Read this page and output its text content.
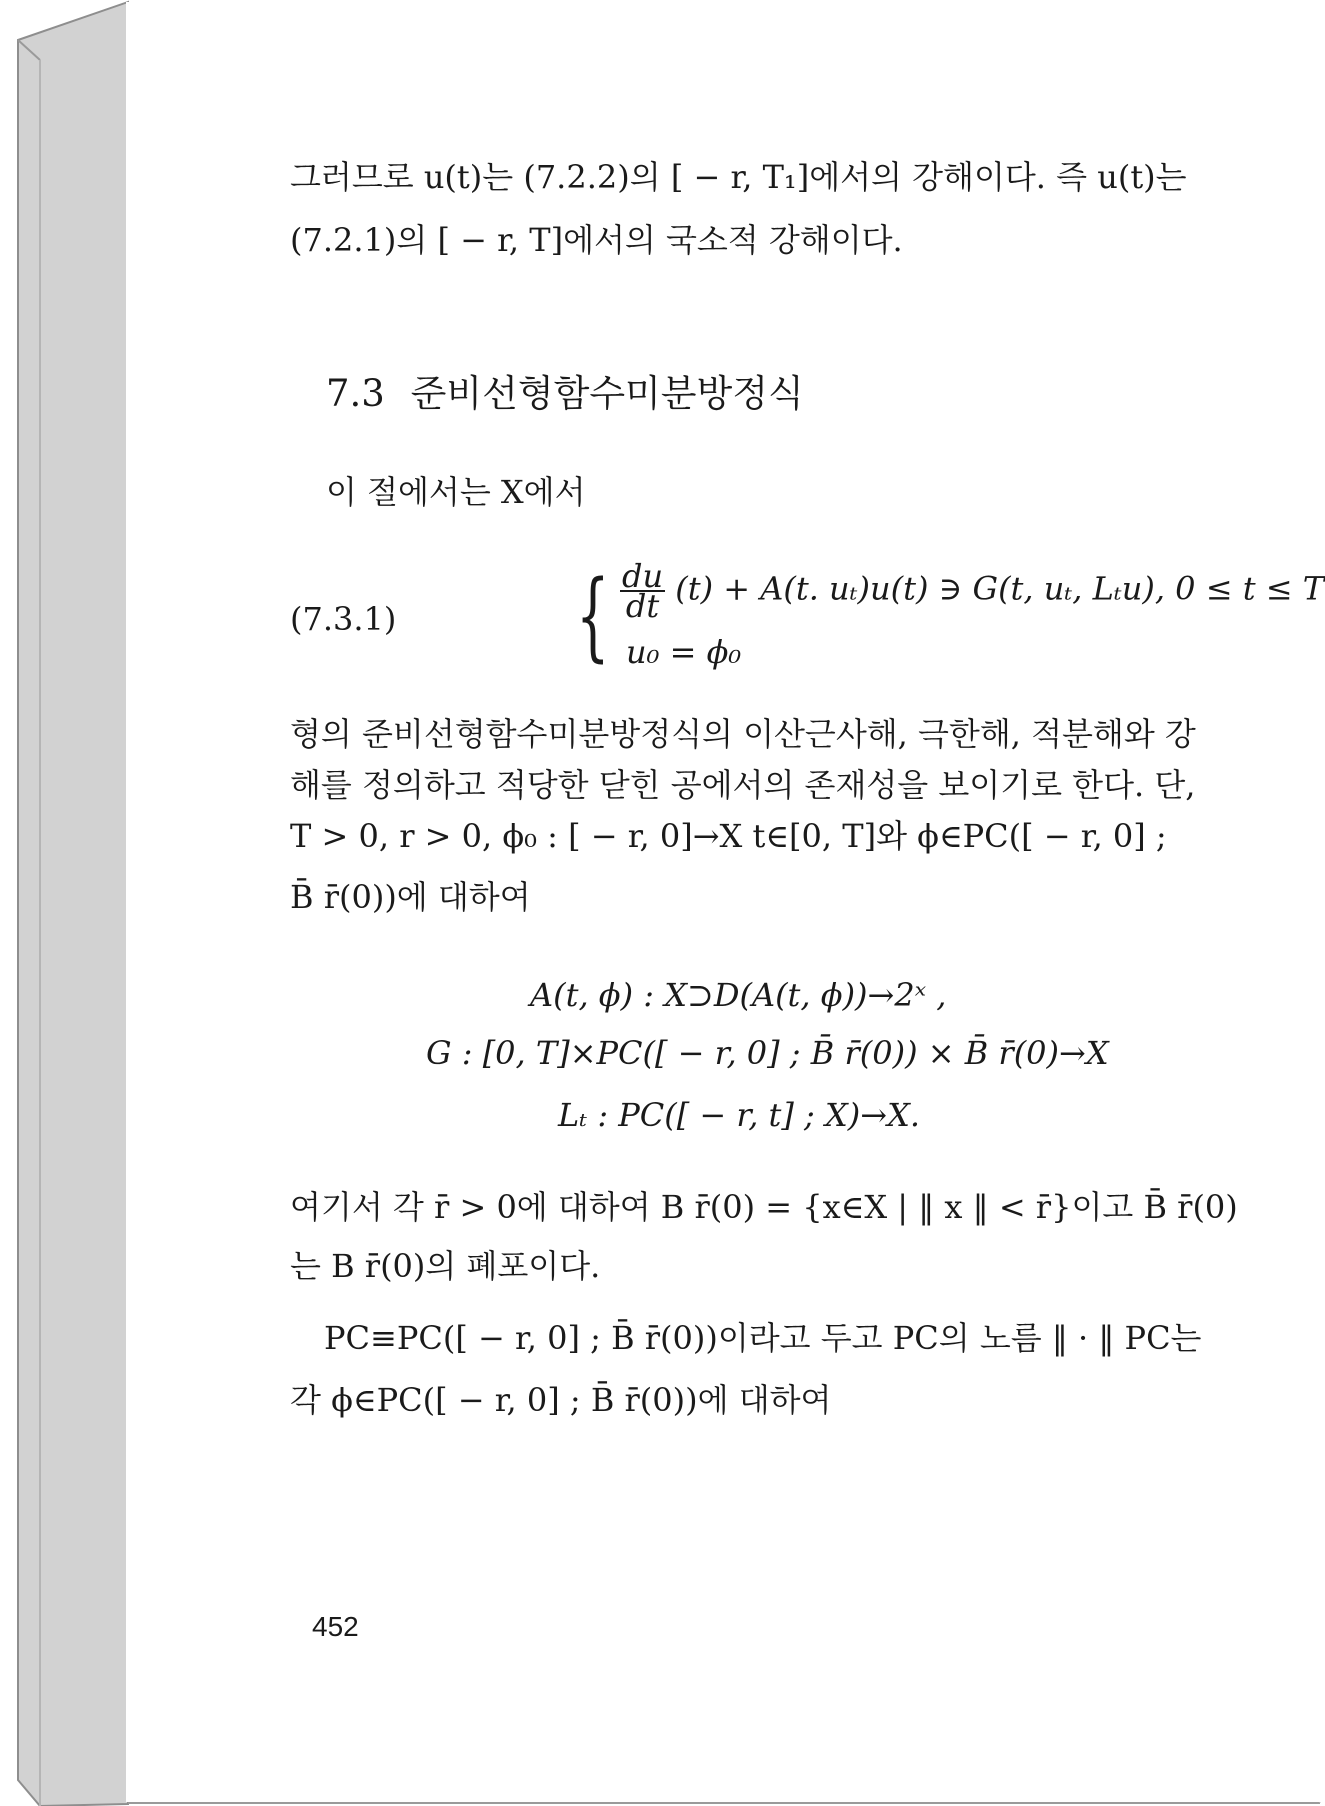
그러므로 u(t)는 (7.2.2)의 [ − r, T₁]에서의 강해이다. 즉 u(t)는
(7.2.1)의 [ − r, T]에서의 국소적 강해이다.
7.3 준비선형함수미분방정식
이 절에서는 X에서
(7.3.1) { $\frac{du}{dt} (t) + A(t$. uₜ)u(t) ∋ G(t, uₜ, Lₜu), 0 ≤ t ≤ T
u₀ = ϕ₀
형의 준비선형함수미분방정식의 이산근사해, 극한해, 적분해와 강
해를 정의하고 적당한 닫힌 공에서의 존재성을 보이기로 한다. 단,
T > 0, r > 0, ϕ₀ : [ − r, 0]→X t∈[0, T]와 ϕ∈PC([ − r, 0] ;
B̄ r̄(0))에 대하여
A(t, ϕ) : X⊃D(A(t, ϕ))→2ˣ ,
G : [0, T]×PC([ − r, 0] ; B̄ r̄(0)) × B̄ r̄(0)→X
Lₜ : PC([ − r, t] ; X)→X.
여기서 각 r̄ > 0에 대하여 B r̄(0) = {x∈X | ‖ x ‖ < r̄}이고 B̄ r̄(0)
는 B r̄(0)의 폐포이다.
PC≡PC([ − r, 0] ; B̄ r̄(0))이라고 두고 PC의 노름 ‖ · ‖ PC는
각 ϕ∈PC([ − r, 0] ; B̄ r̄(0))에 대하여
452
